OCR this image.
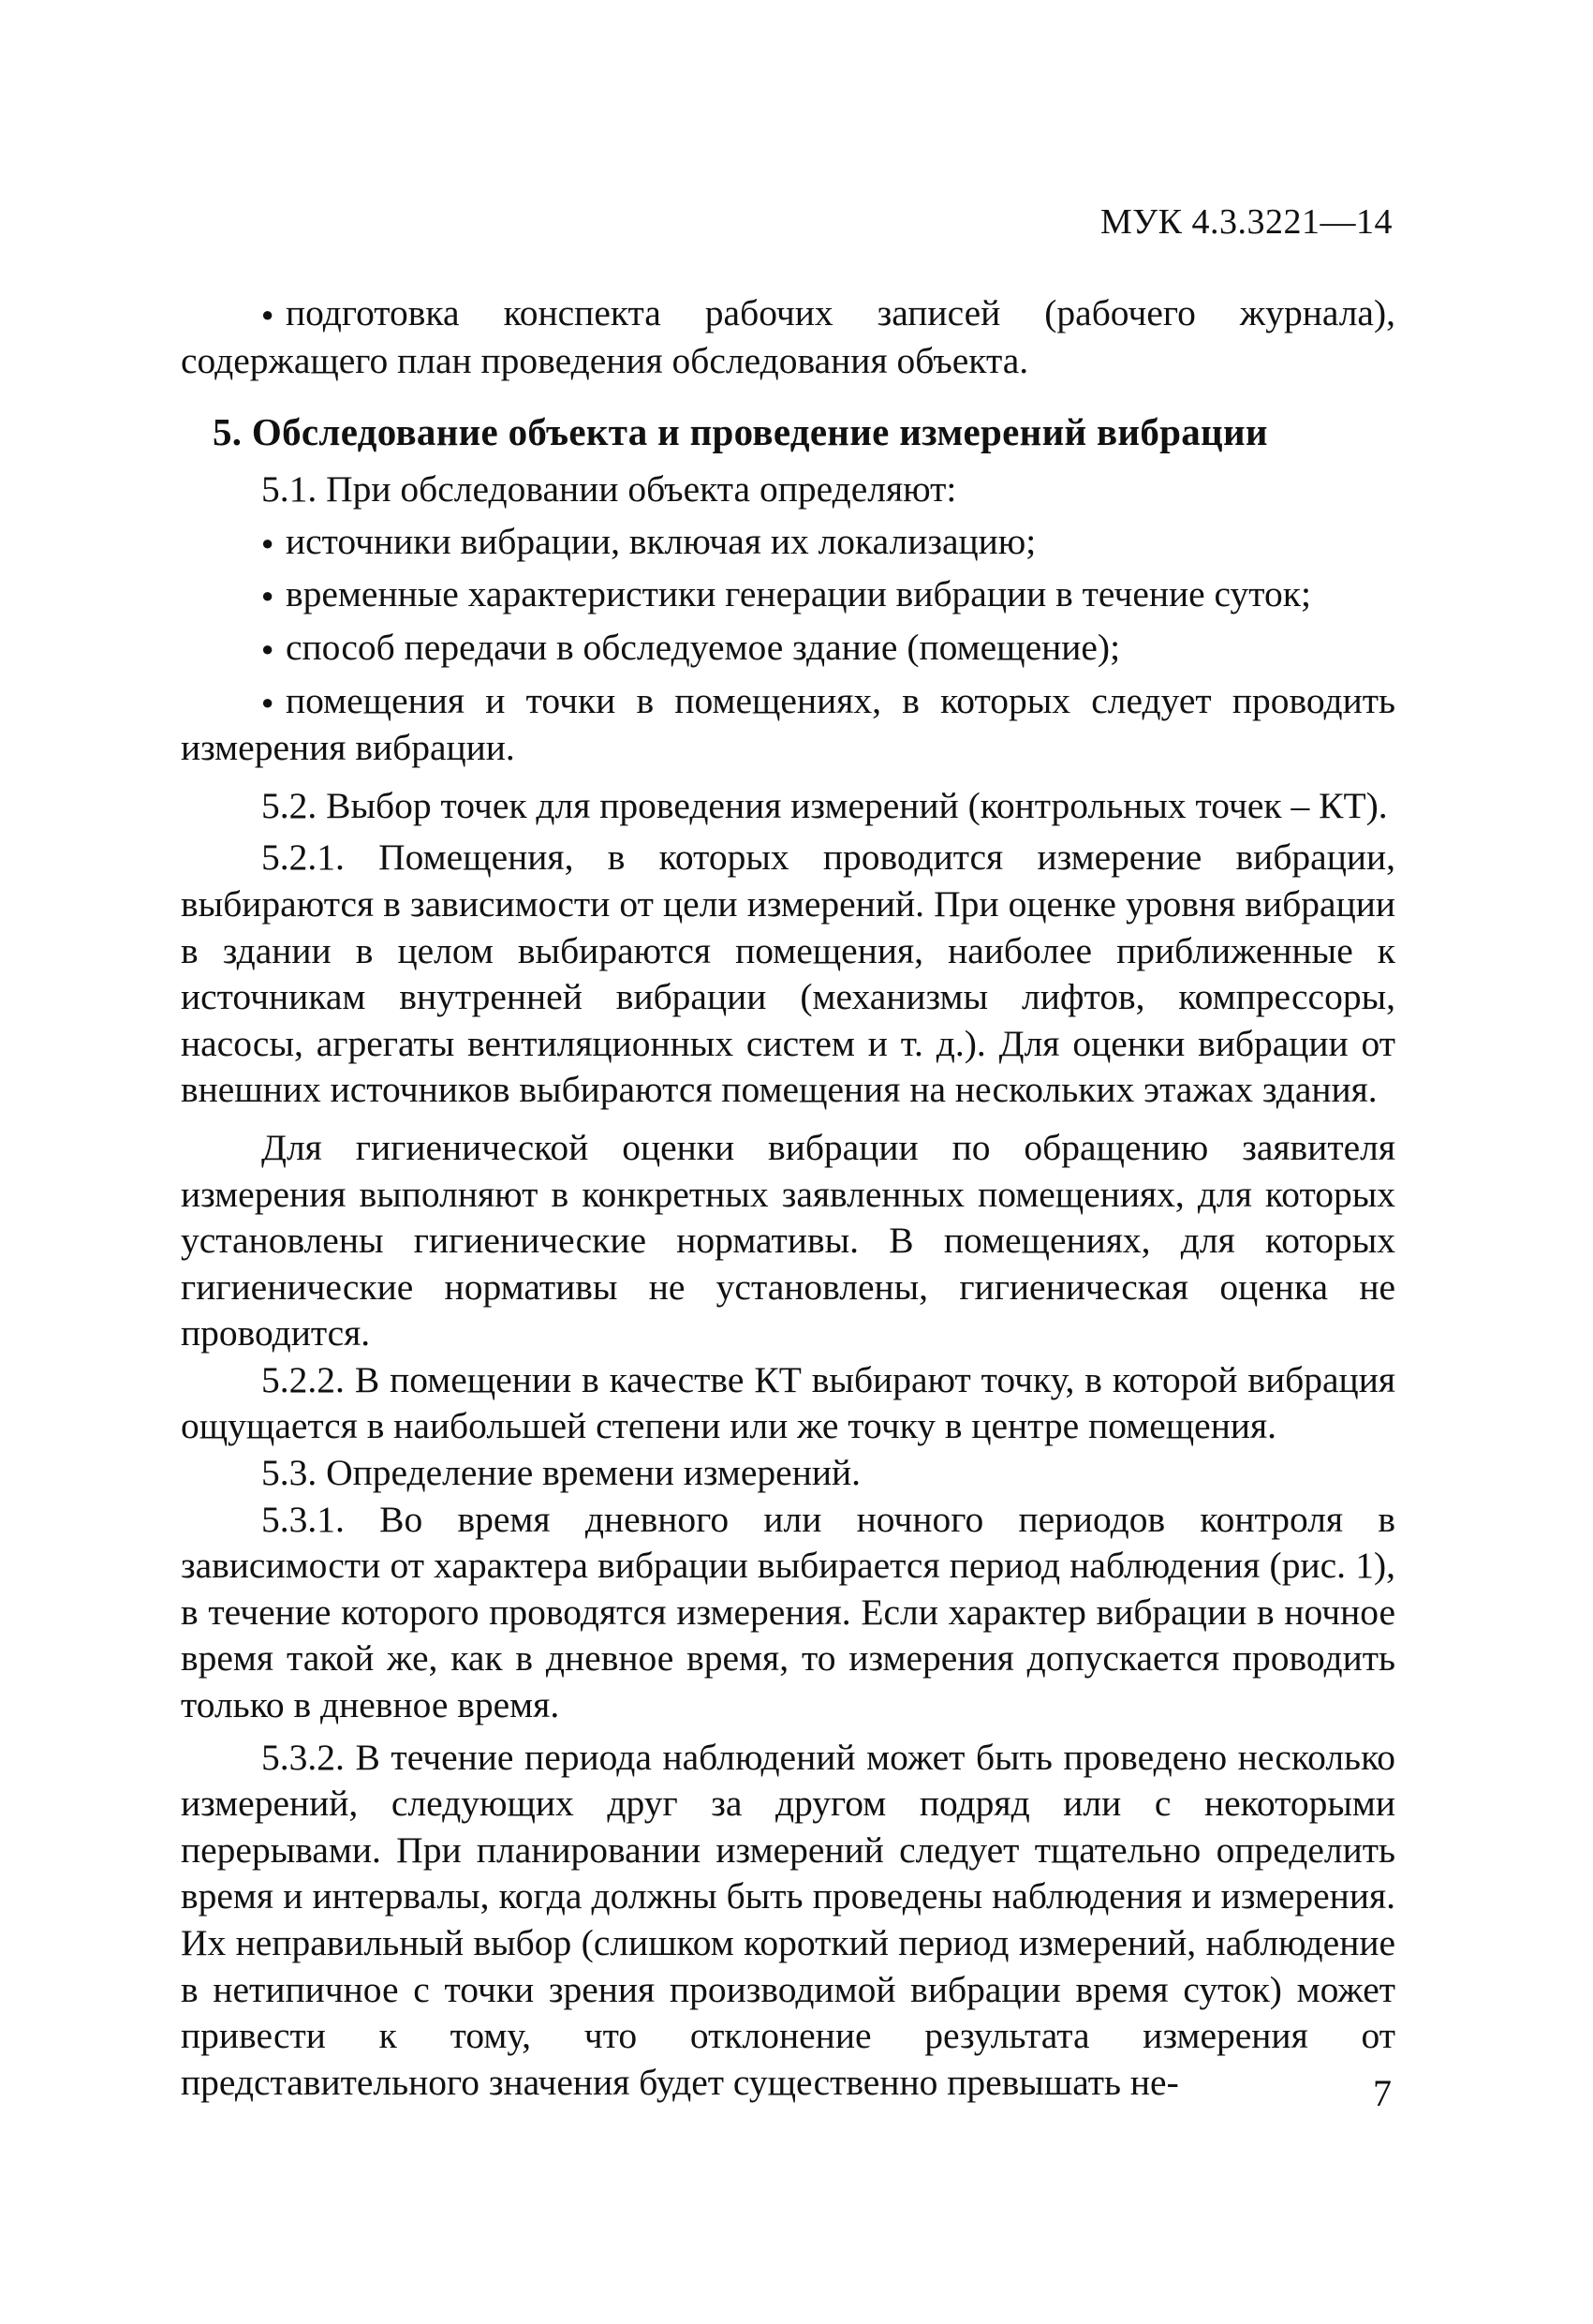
МУК 4.3.3221—14

●подготовка конспекта рабочих записей (рабочего журнала), содержащего план проведения обследования объекта.

5. Обследование объекта и проведение измерений вибрации

5.1. При обследовании объекта определяют:

●источники вибрации, включая их локализацию;

●временные характеристики генерации вибрации в течение суток;

●способ передачи в обследуемое здание (помещение);

●помещения и точки в помещениях, в которых следует проводить измерения вибрации.

5.2. Выбор точек для проведения измерений (контрольных точек – КТ).

5.2.1. Помещения, в которых проводится измерение вибрации, выбираются в зависимости от цели измерений. При оценке уровня вибрации в здании в целом выбираются помещения, наиболее приближенные к источникам внутренней вибрации (механизмы лифтов, компрессоры, насосы, агрегаты вентиляционных систем и т. д.). Для оценки вибрации от внешних источников выбираются помещения на нескольких этажах здания.

Для гигиенической оценки вибрации по обращению заявителя измерения выполняют в конкретных заявленных помещениях, для которых установлены гигиенические нормативы. В помещениях, для которых гигиенические нормативы не установлены, гигиеническая оценка не проводится.

5.2.2. В помещении в качестве КТ выбирают точку, в которой вибрация ощущается в наибольшей степени или же точку в центре помещения.

5.3. Определение времени измерений.

5.3.1. Во время дневного или ночного периодов контроля в зависимости от характера вибрации выбирается период наблюдения (рис. 1), в течение которого проводятся измерения. Если характер вибрации в ночное время такой же, как в дневное время, то измерения допускается проводить только в дневное время.

5.3.2. В течение периода наблюдений может быть проведено несколько измерений, следующих друг за другом подряд или с некоторыми перерывами. При планировании измерений следует тщательно определить время и интервалы, когда должны быть проведены наблюдения и измерения. Их неправильный выбор (слишком короткий период измерений, наблюдение в нетипичное с точки зрения производимой вибрации время суток) может привести к тому, что отклонение результата измерения от представительного значения будет существенно превышать не-	7
